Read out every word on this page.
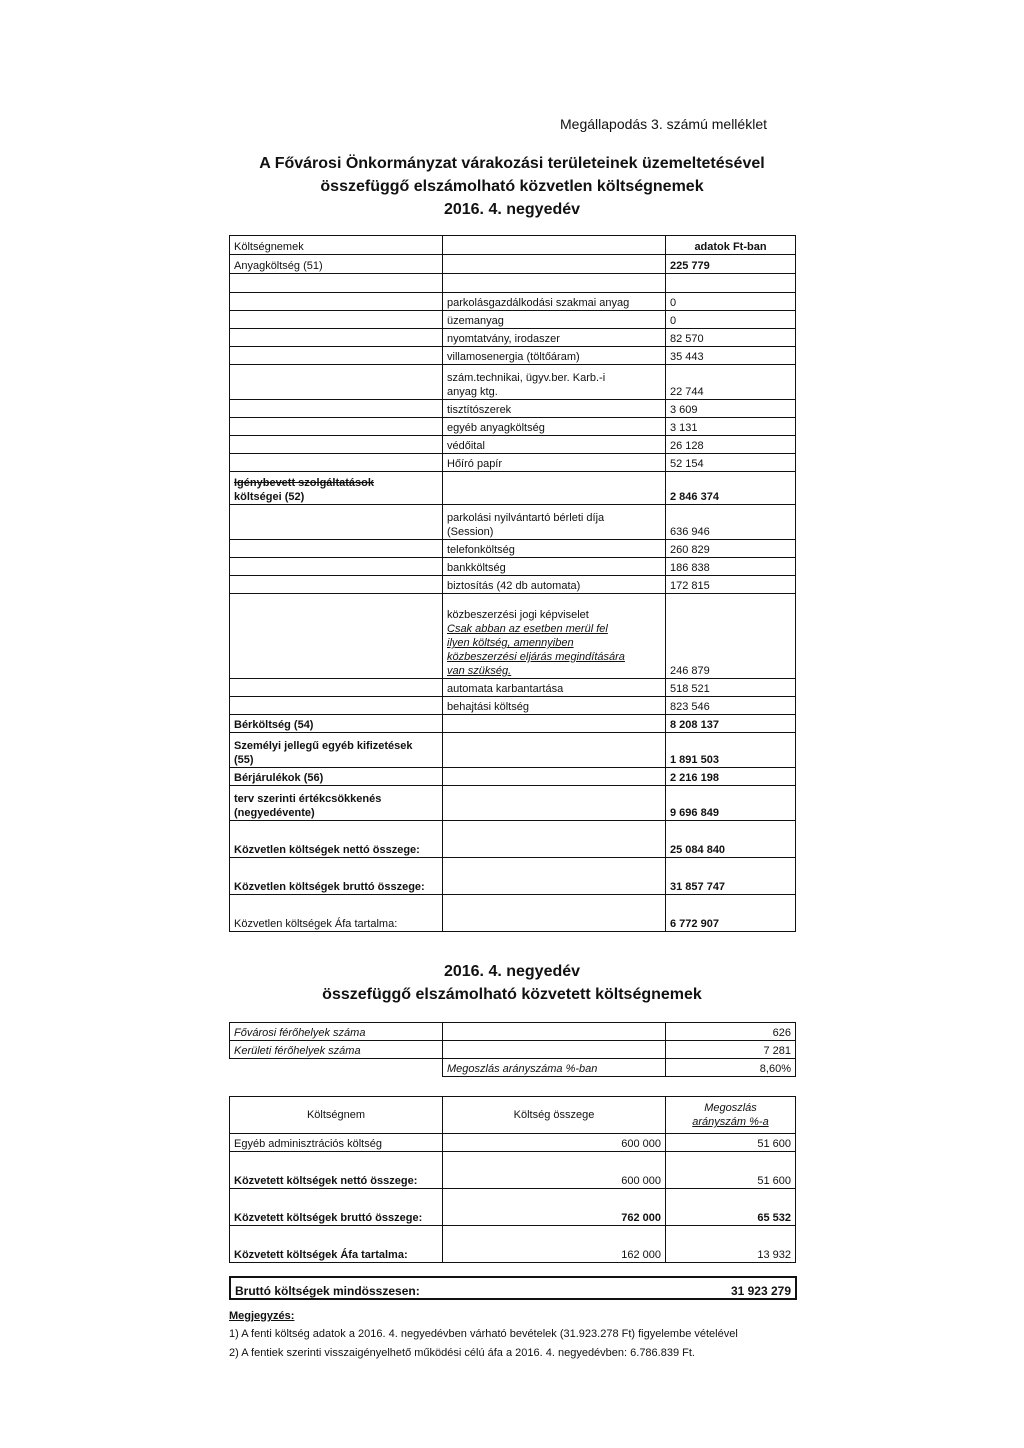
Megállapodás 3. számú melléklet
A Fővárosi Önkormányzat várakozási területeinek üzemeltetésével
összefüggő elszámolható közvetlen költségnemek
2016. 4. negyedév
Költségnemek		adatok Ft-ban
Anyagköltség (51)		225 779

	parkolásgazdálkodási szakmai anyag	0
	üzemanyag	0
	nyomtatvány, irodaszer	82 570
	villamosenergia (töltőáram)	35 443

	szám.technikai, ügyv.ber. Karb.-i
anyag ktg.	22 744
	tisztítószerek	3 609
	egyéb anyagköltség	3 131
	védőital	26 128
	Hőíró papír	52 154

Igénybevett szolgáltatások
költségei (52)		2 846 374

	parkolási nyilvántartó bérleti díja
(Session)	636 946
	telefonköltség	260 829
	bankköltség	186 838
	biztosítás (42 db automata)	172 815

	közbeszerzési jogi képviselet
Csak abban az esetben merül fel
ilyen költség, amennyiben
közbeszerzési eljárás megindítására
van szükség.	246 879
	automata karbantartása	518 521
	behajtási költség	823 546
Bérköltség (54)		8 208 137

Személyi jellegű egyéb kifizetések
(55)		1 891 503
Bérjárulékok (56)		2 216 198

terv szerinti értékcsökkenés
(negyedévente)		9 696 849
Közvetlen költségek nettó összege:		25 084 840
Közvetlen költségek bruttó összege:		31 857 747
Közvetlen költségek Áfa tartalma:		6 772 907
2016. 4. negyedév
összefüggő elszámolható közvetett költségnemek
Fővárosi férőhelyek száma		626
Kerületi férőhelyek száma		7 281
	Megoszlás arányszáma %-ban	8,60%
Költségnem	Költség összege	Megoszlás
arányszám %-a

Egyéb adminisztrációs költség	600 000	51 600
Közvetett költségek nettó összege:	600 000	51 600
Közvetett költségek bruttó összege:	762 000	65 532
Közvetett költségek Áfa tartalma:	162 000	13 932
Bruttó költségek mindösszesen:	31 923 279
Megjegyzés:
1) A fenti költség adatok a 2016. 4. negyedévben várható bevételek (31.923.278 Ft) figyelembe vételével
2) A fentiek szerinti visszaigényelhető működési célú áfa a 2016. 4. negyedévben: 6.786.839 Ft.
